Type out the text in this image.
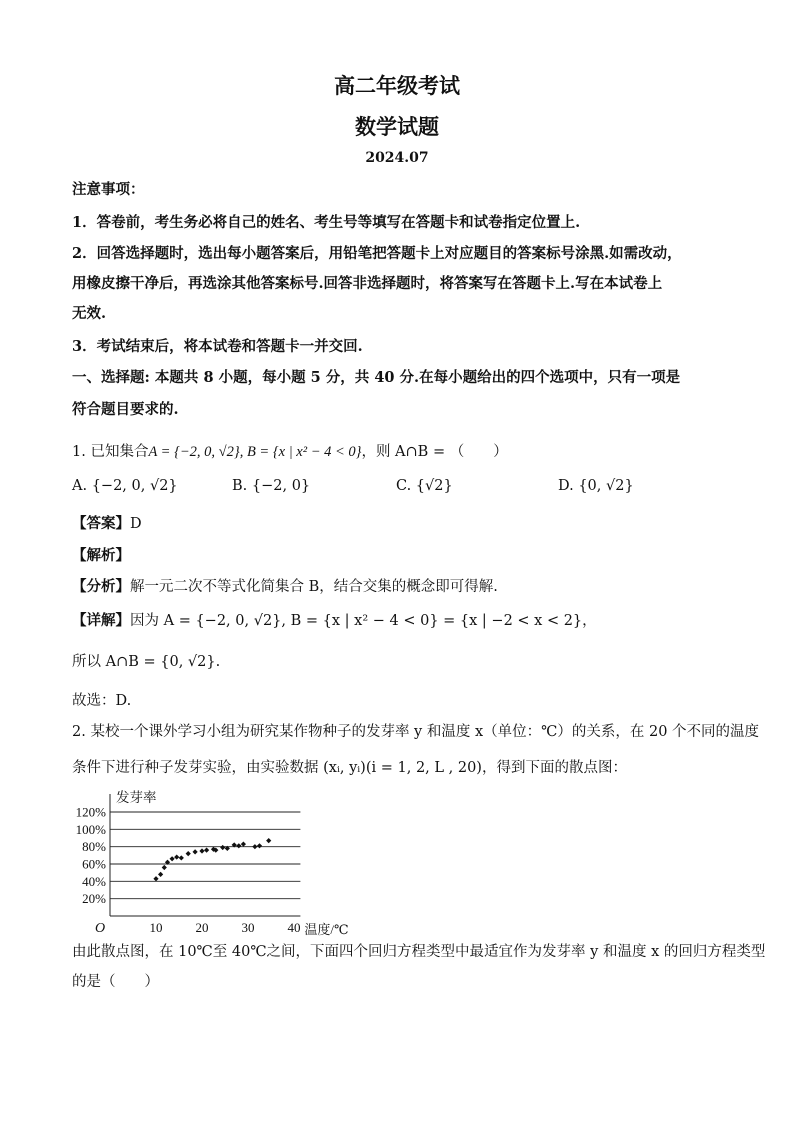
高二年级考试
数学试题
2024.07
注意事项：
1．答卷前，考生务必将自己的姓名、考生号等填写在答题卡和试卷指定位置上.
2．回答选择题时，选出每小题答案后，用铅笔把答题卡上对应题目的答案标号涂黑.如需改动，
用橡皮擦干净后，再选涂其他答案标号.回答非选择题时，将答案写在答题卡上.写在本试卷上
无效.
3．考试结束后，将本试卷和答题卡一并交回.
一、选择题: 本题共 8 小题，每小题 5 分，共 40 分.在每小题给出的四个选项中，只有一项是
符合题目要求的.
1. 已知集合A = {−2, 0, √2}, B = {x | x² − 4 < 0}，则 A∩B = （　　）
A. {−2, 0, √2}	B. {−2, 0}	C. {√2}	D. {0, √2}
【答案】D
【解析】
【分析】解一元二次不等式化简集合 B，结合交集的概念即可得解.
【详解】因为 A = {−2, 0, √2}, B = {x | x² − 4 < 0} = {x | −2 < x < 2}，
所以 A∩B = {0, √2}.
故选：D.
2. 某校一个课外学习小组为研究某作物种子的发芽率 y 和温度 x（单位：℃）的关系，在 20 个不同的温度
条件下进行种子发芽实验，由实验数据 (xᵢ, yᵢ)(i = 1, 2, L , 20)，得到下面的散点图：
20%
40%
60%
80%
100%
120%
10	20	30	40
O
发芽率
温度/℃
由此散点图，在 10℃至 40℃之间，下面四个回归方程类型中最适宜作为发芽率 y 和温度 x 的回归方程类型
的是（　　）
